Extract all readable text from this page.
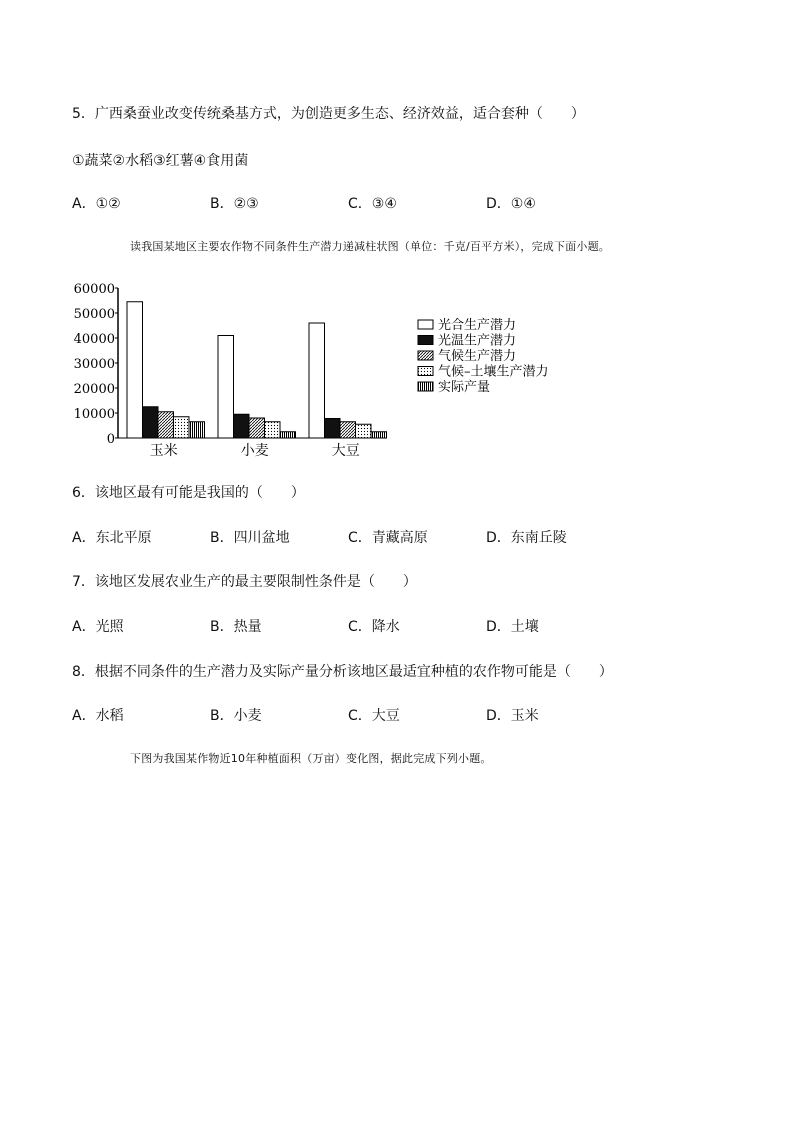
5．广西桑蚕业改变传统桑基方式，为创造更多生态、经济效益，适合套种（　　）
①蔬菜②水稻③红薯④食用菌
A．①②	B．②③	C．③④	D．①④
读我国某地区主要农作物不同条件生产潜力递减柱状图（单位：千克/百平方米），完成下面小题。
60000
50000
40000
30000
20000
10000
0
玉米	小麦	大豆
光合生产潜力
光温生产潜力
气候生产潜力
气候–土壤生产潜力
实际产量
6．该地区最有可能是我国的（　　）
A．东北平原	B．四川盆地	C．青藏高原	D．东南丘陵
7．该地区发展农业生产的最主要限制性条件是（　　）
A．光照	B．热量	C．降水	D．土壤
8．根据不同条件的生产潜力及实际产量分析该地区最适宜种植的农作物可能是（　　）
A．水稻	B．小麦	C．大豆	D．玉米
下图为我国某作物近10年种植面积（万亩）变化图，据此完成下列小题。
